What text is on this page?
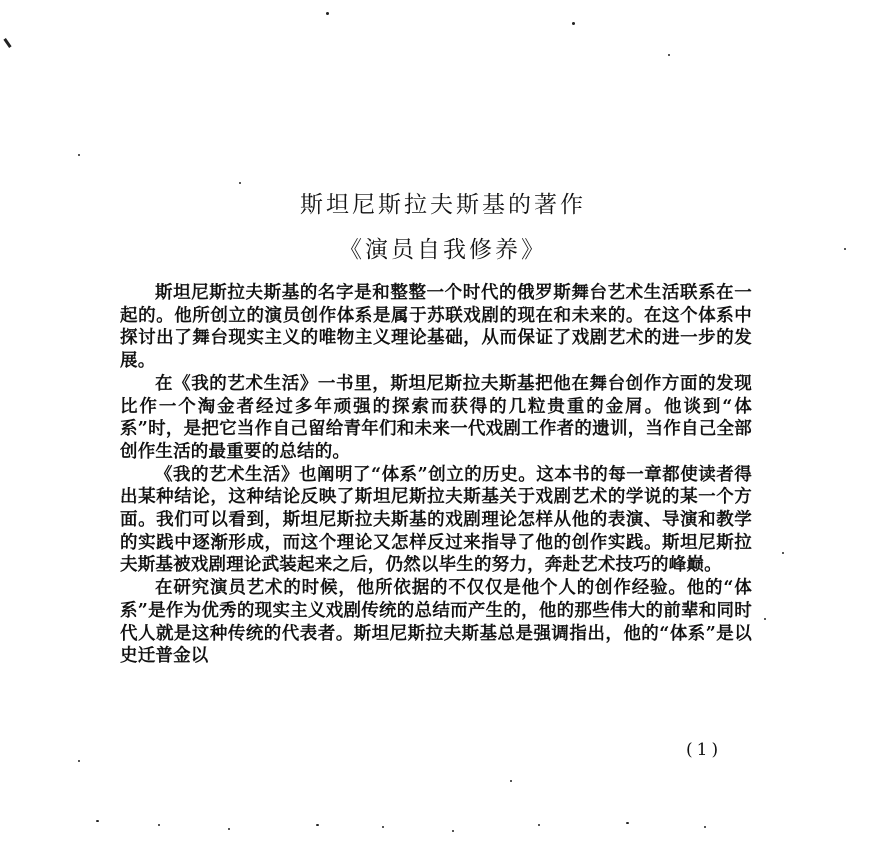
斯坦尼斯拉夫斯基的著作
《演员自我修养》

斯坦尼斯拉夫斯基的名字是和整整一个时代的俄罗斯舞台艺术生活联系在一起的。他所创立的演员创作体系是属于苏联戏剧的现在和未来的。在这个体系中探讨出了舞台现实主义的唯物主义理论基础，从而保证了戏剧艺术的进一步的发展。

在《我的艺术生活》一书里，斯坦尼斯拉夫斯基把他在舞台创作方面的发现比作一个淘金者经过多年顽强的探索而获得的几粒贵重的金屑。他谈到“体系”时，是把它当作自己留给青年们和未来一代戏剧工作者的遗训，当作自己全部创作生活的最重要的总结的。

《我的艺术生活》也阐明了“体系”创立的历史。这本书的每一章都使读者得出某种结论，这种结论反映了斯坦尼斯拉夫斯基关于戏剧艺术的学说的某一个方面。我们可以看到，斯坦尼斯拉夫斯基的戏剧理论怎样从他的表演、导演和教学的实践中逐渐形成，而这个理论又怎样反过来指导了他的创作实践。斯坦尼斯拉夫斯基被戏剧理论武装起来之后，仍然以毕生的努力，奔赴艺术技巧的峰巅。

在研究演员艺术的时候，他所依据的不仅仅是他个人的创作经验。他的“体系”是作为优秀的现实主义戏剧传统的总结而产生的，他的那些伟大的前辈和同时代人就是这种传统的代表者。斯坦尼斯拉夫斯基总是强调指出，他的“体系”是以史迁普金以

(1)
